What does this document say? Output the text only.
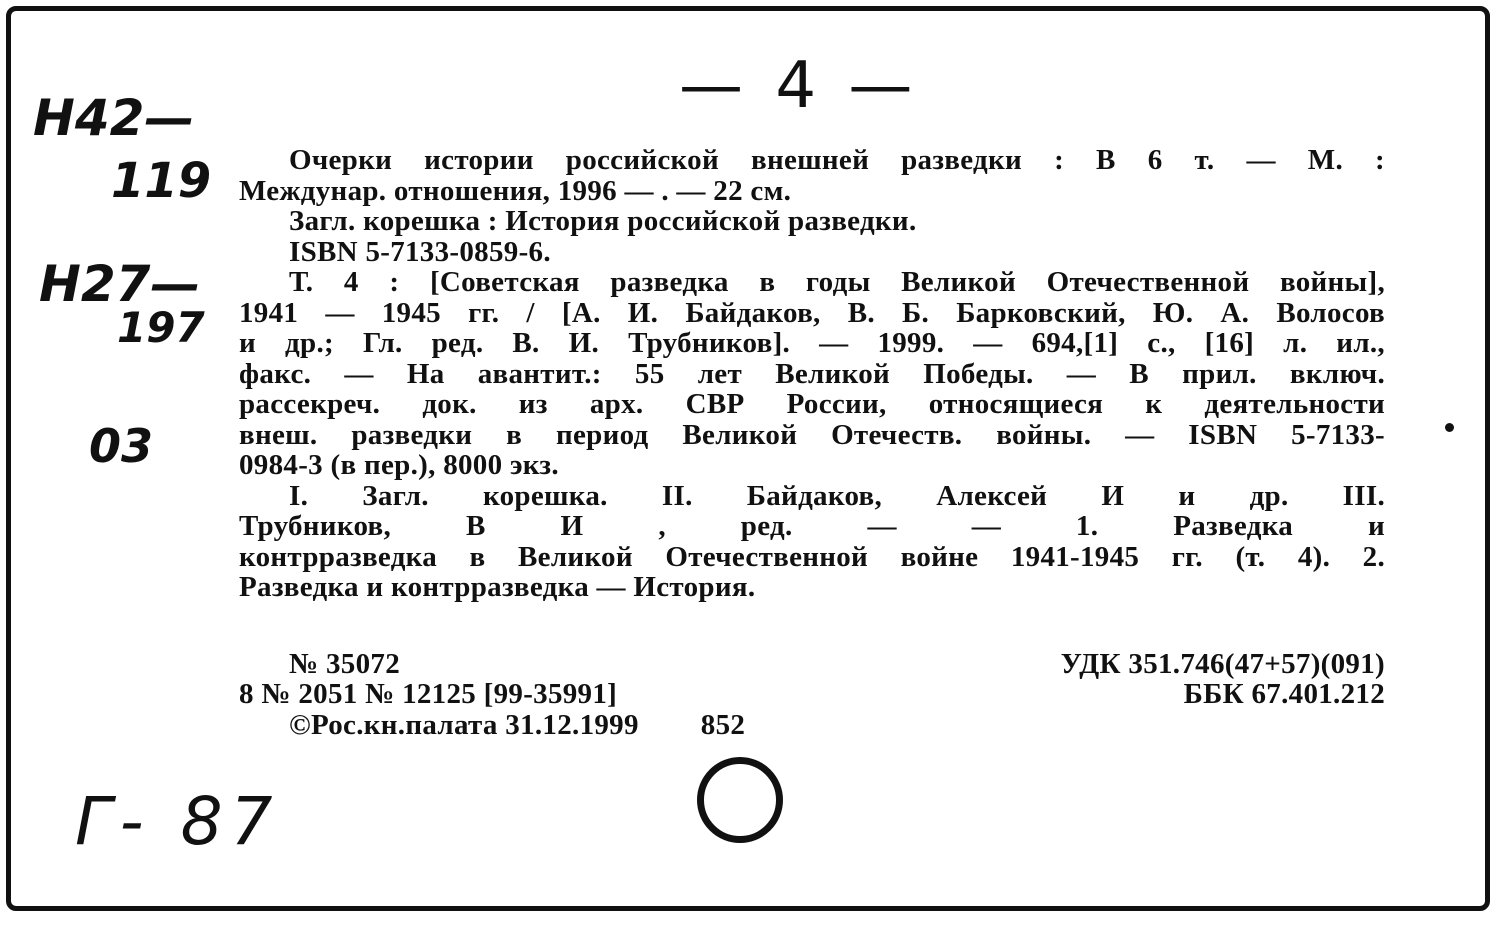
— 4 —
Н42—
119
Н27—
197
03
Г- 87
Очерки истории российской внешней разведки : В 6 т. — М. :
Междунар. отношения, 1996 — . — 22 см.
Загл. корешка : История российской разведки.
ISBN 5-7133-0859-6.
Т. 4 : [Советская разведка в годы Великой Отечественной войны],
1941 — 1945 гг. / [А. И. Байдаков, В. Б. Барковский, Ю. А. Волосов
и др.; Гл. ред. В. И. Трубников]. — 1999. — 694,[1] с., [16] л. ил.,
факс. — На авантит.: 55 лет Великой Победы. — В прил. включ.
рассекреч. док. из арх. СВР России, относящиеся к деятельности
внеш. разведки в период Великой Отечеств. войны. — ISBN 5-7133-
0984-3 (в пер.), 8000 экз.
I. Загл. корешка. II. Байдаков, Алексей И и др. III.
Трубников, В И , ред. — — 1. Разведка и
контрразведка в Великой Отечественной войне 1941-1945 гг. (т. 4). 2.
Разведка и контрразведка — История.
№ 35072	УДК 351.746(47+57)(091)
8 № 2051 № 12125 [99-35991]	ББК 67.401.212
©Рос.кн.палата 31.12.1999 852
